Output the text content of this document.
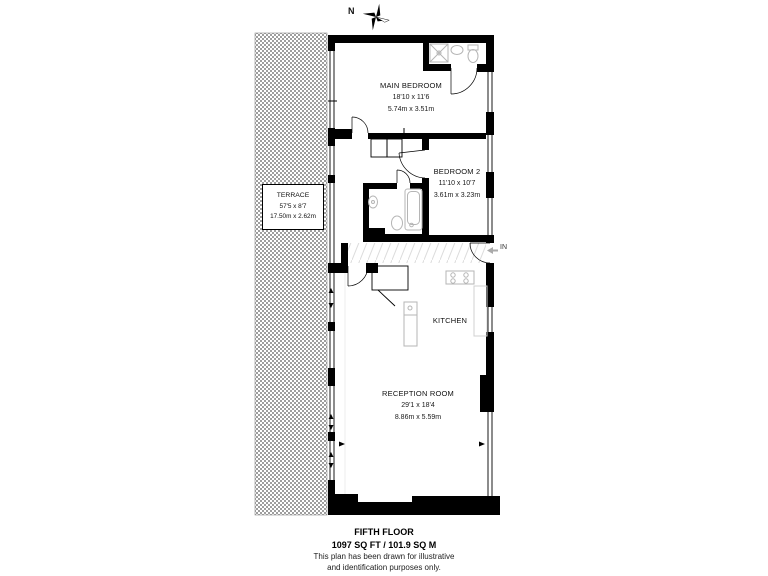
N
TERRACE
57'5 x 8'7
17.50m x 2.62m
MAIN BEDROOM
18'10 x 11'6
5.74m x 3.51m
BEDROOM 2
11'10 x 10'7
3.61m x 3.23m
KITCHEN
RECEPTION ROOM
29'1 x 18'4
8.86m x 5.59m
IN
FIFTH FLOOR
1097 SQ FT / 101.9 SQ M
This plan has been drawn for illustrative
and identification purposes only.
